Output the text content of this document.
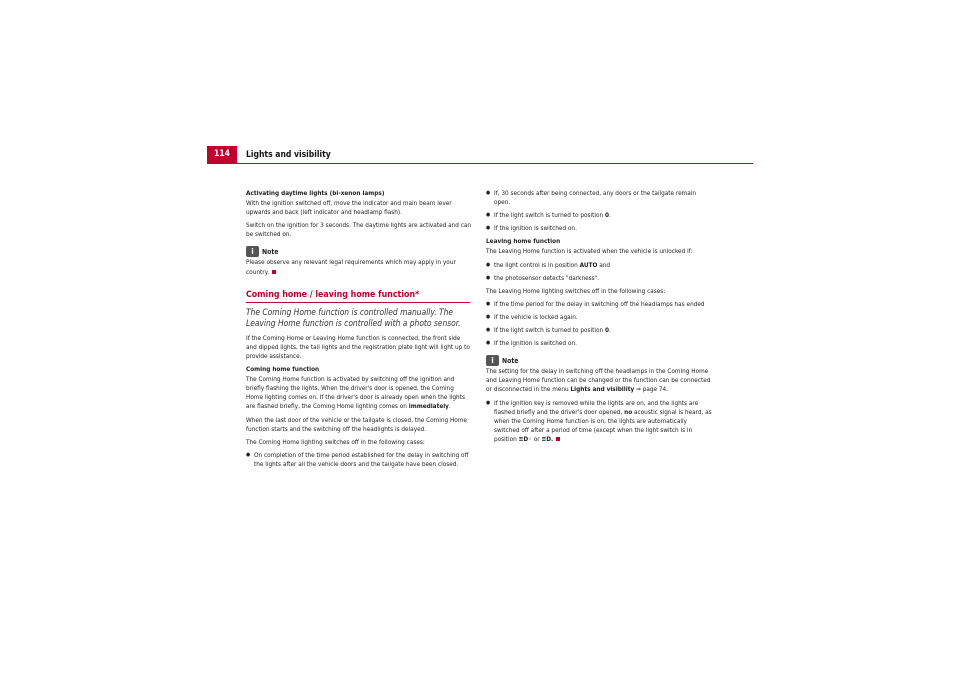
114	Lights and visibility

Activating daytime lights (bi-xenon lamps)

With the ignition switched off, move the indicator and main beam lever upwards and back (left indicator and headlamp flash).

Switch on the ignition for 3 seconds. The daytime lights are activated and can be switched on.

i	Note

Please observe any relevant legal requirements which may apply in your country.

Coming home / leaving home function*

The Coming Home function is controlled manually. The Leaving Home function is controlled with a photo sensor.

If the Coming Home or Leaving Home function is connected, the front side and dipped lights, the tail lights and the registration plate light will light up to provide assistance.

Coming home function

The Coming Home function is activated by switching off the ignition and briefly flashing the lights. When the driver's door is opened, the Coming Home lighting comes on. If the driver's door is already open when the lights are flashed briefly, the Coming Home lighting comes on immediately.

When the last door of the vehicle or the tailgate is closed, the Coming Home function starts and the switching off the headlights is delayed.

The Coming Home lighting switches off in the following cases:

● On completion of the time period established for the delay in switching off the lights after all the vehicle doors and the tailgate have been closed.

● If, 30 seconds after being connected, any doors or the tailgate remain open.

● If the light switch is turned to position 0.

● If the ignition is switched on.

Leaving home function

The Leaving Home function is activated when the vehicle is unlocked if:

● the light control is in position AUTO and

● the photosensor detects "darkness".

The Leaving Home lighting switches off in the following cases:

● If the time period for the delay in switching off the headlamps has ended

● If the vehicle is locked again.

● If the light switch is turned to position 0.

● If the ignition is switched on.

i	Note

The setting for the delay in switching off the headlamps in the Coming Home and Leaving Home function can be changed or the function can be connected or disconnected in the menu Lights and visibility ⇒ page 74.

● If the ignition key is removed while the lights are on, and the lights are flashed briefly and the driver's door opened, no acoustic signal is heard, as when the Coming Home function is on, the lights are automatically switched off after a period of time (except when the light switch is in position ≡D◦ or ≡D.
